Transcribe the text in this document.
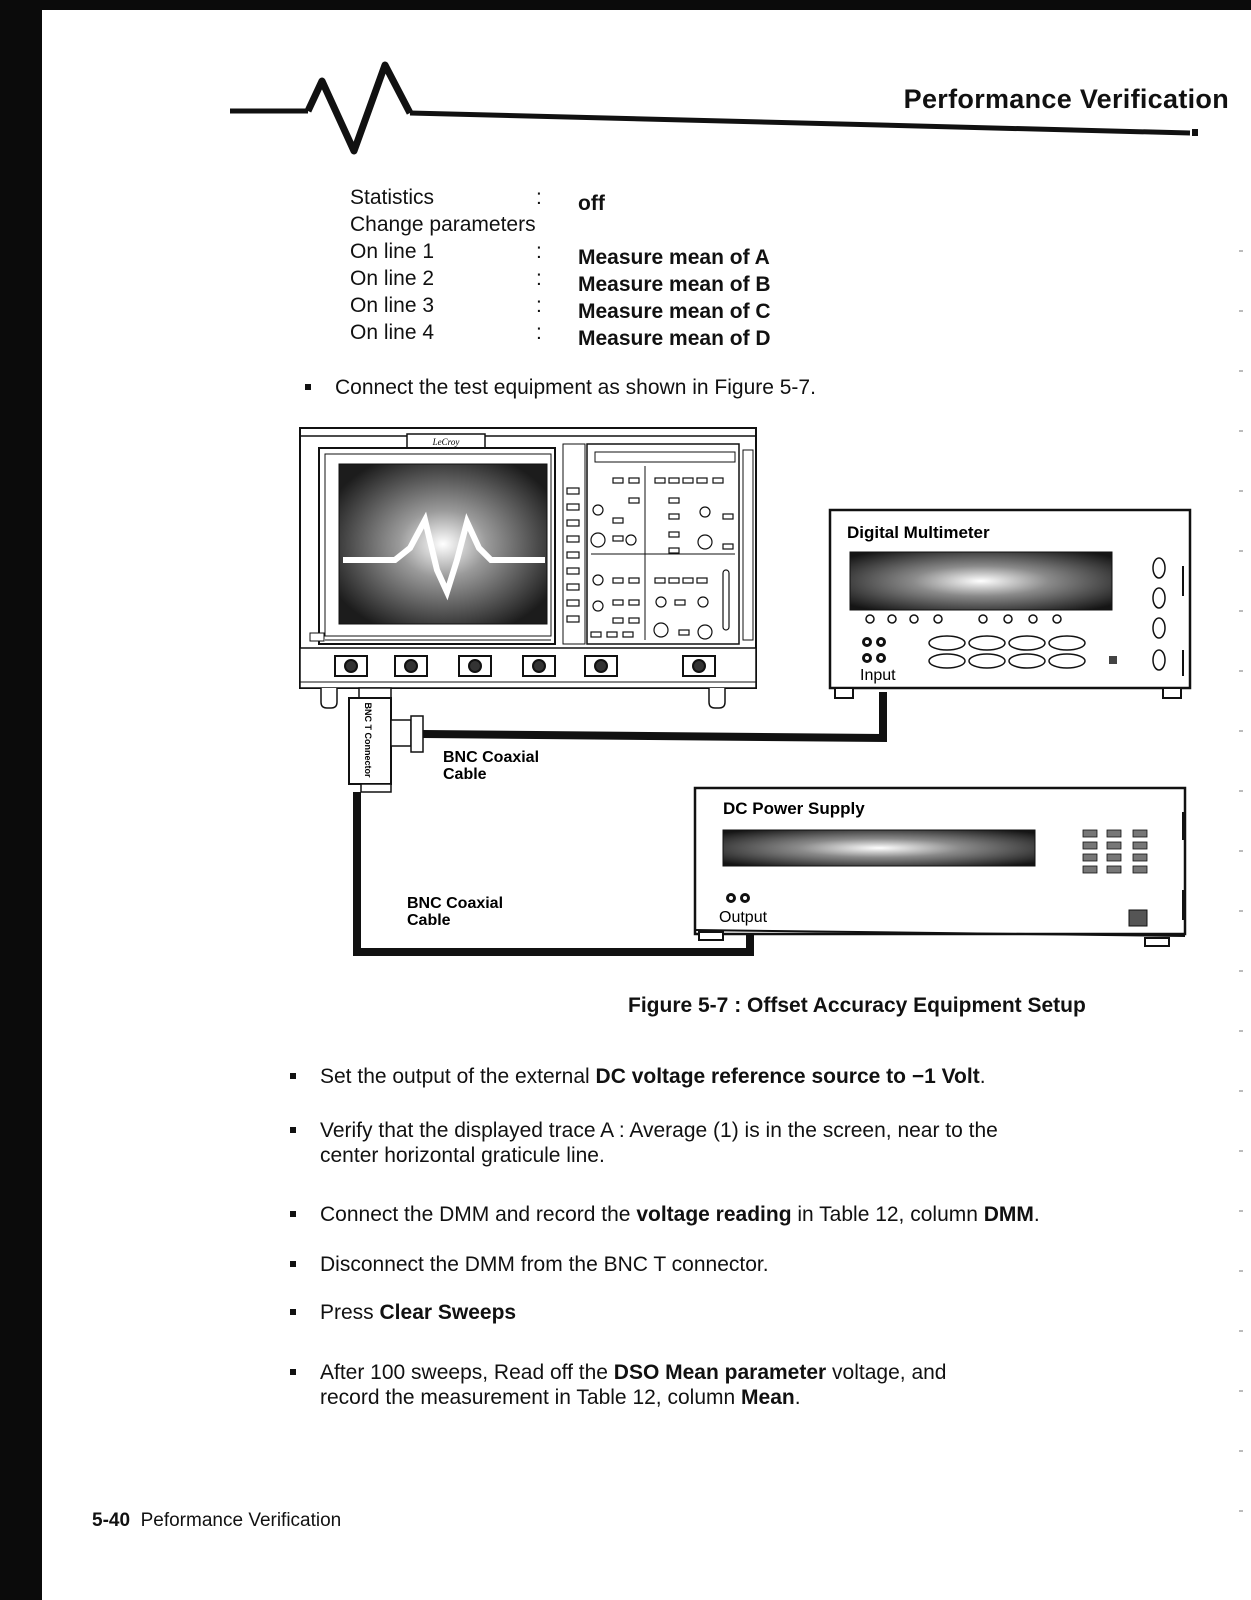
Performance Verification
Statistics	: off
Change parameters
On line 1	: Measure mean of A
On line 2	: Measure mean of B
On line 3	: Measure mean of C
On line 4	: Measure mean of D
Connect the test equipment as shown in Figure 5-7.
LeCroy
BNC T Connector	BNC Coaxial
Cable
BNC Coaxial
Cable
Digital Multimeter
Input
DC Power Supply
Output
Figure 5-7 : Offset Accuracy Equipment Setup
Set the output of the external DC voltage reference source to −1 Volt.
Verify that the displayed trace A : Average (1) is in the screen, near to the center horizontal graticule line.
Connect the DMM and record the voltage reading in Table 12, column DMM.
Disconnect the DMM from the BNC T connector.
Press Clear Sweeps
After 100 sweeps, Read off the DSO Mean parameter voltage, and record the measurement in Table 12, column Mean.
5-40 Peformance Verification
